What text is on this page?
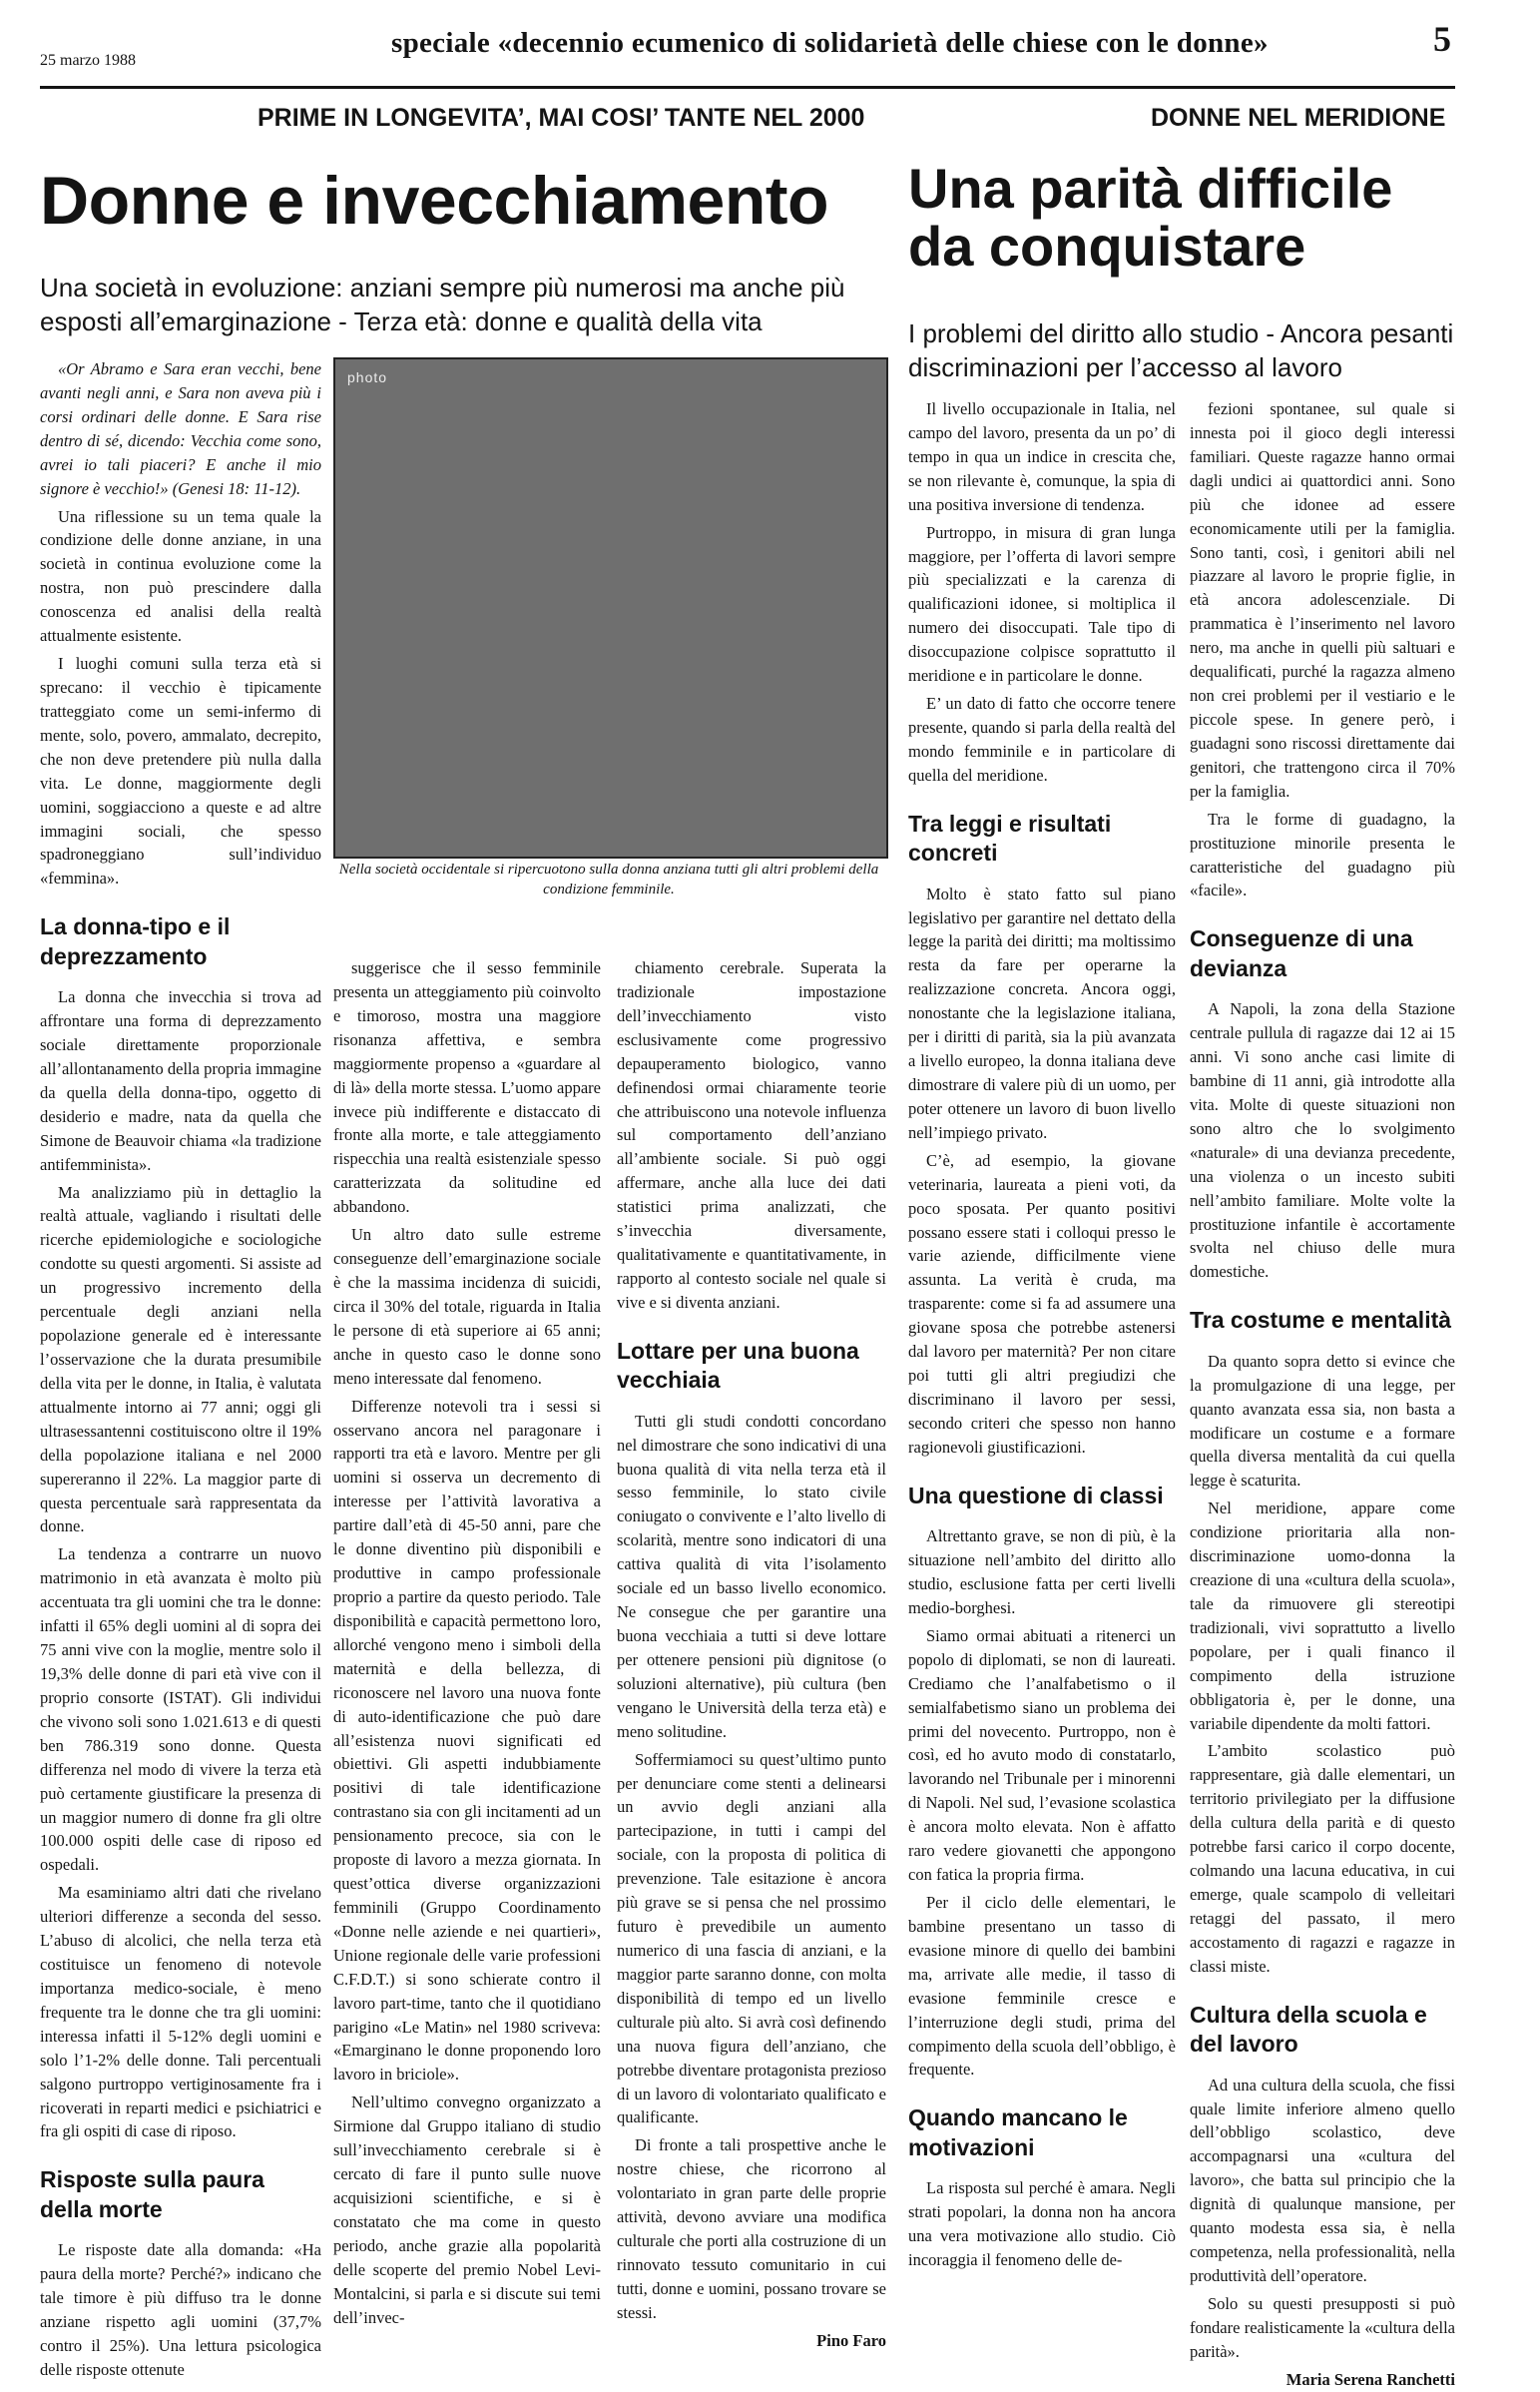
25 marzo 1988
speciale «decennio ecumenico di solidarietà delle chiese con le donne»	5
PRIME IN LONGEVITA’, MAI COSI’ TANTE NEL 2000	DONNE NEL MERIDIONE
Donne e invecchiamento
Una società in evoluzione: anziani sempre più numerosi ma anche più esposti all’emarginazione - Terza età: donne e qualità della vita
Una parità difficile da conquistare
I problemi del diritto allo studio - Ancora pesanti discriminazioni per l’accesso al lavoro
photo
Nella società occidentale si ripercuotono sulla donna anziana tutti gli altri problemi della condizione femminile.

«Or Abramo e Sara eran vecchi, bene avanti negli anni, e Sara non aveva più i corsi ordinari delle donne. E Sara rise dentro di sé, dicendo: Vecchia come sono, avrei io tali piaceri? E anche il mio signore è vecchio!» (Genesi 18: 11-12).

Una riflessione su un tema quale la condizione delle donne anziane, in una società in continua evoluzione come la nostra, non può prescindere dalla conoscenza ed analisi della realtà attualmente esistente.

I luoghi comuni sulla terza età si sprecano: il vecchio è tipicamente tratteggiato come un semi-infermo di mente, solo, povero, ammalato, decrepito, che non deve pretendere più nulla dalla vita. Le donne, maggiormente degli uomini, soggiacciono a queste e ad altre immagini sociali, che spesso spadroneggiano sull’individuo «femmina».

La donna-tipo e il deprezzamento

La donna che invecchia si trova ad affrontare una forma di deprezzamento sociale direttamente proporzionale all’allontanamento della propria immagine da quella della donna-tipo, oggetto di desiderio e madre, nata da quella che Simone de Beauvoir chiama «la tradizione antifemminista».

Ma analizziamo più in dettaglio la realtà attuale, vagliando i risultati delle ricerche epidemiologiche e sociologiche condotte su questi argomenti. Si assiste ad un progressivo incremento della percentuale degli anziani nella popolazione generale ed è interessante l’osservazione che la durata presumibile della vita per le donne, in Italia, è valutata attualmente intorno ai 77 anni; oggi gli ultrasessantenni costituiscono oltre il 19% della popolazione italiana e nel 2000 supereranno il 22%. La maggior parte di questa percentuale sarà rappresentata da donne.

La tendenza a contrarre un nuovo matrimonio in età avanzata è molto più accentuata tra gli uomini che tra le donne: infatti il 65% degli uomini al di sopra dei 75 anni vive con la moglie, mentre solo il 19,3% delle donne di pari età vive con il proprio consorte (ISTAT). Gli individui che vivono soli sono 1.021.613 e di questi ben 786.319 sono donne. Questa differenza nel modo di vivere la terza età può certamente giustificare la presenza di un maggior numero di donne fra gli oltre 100.000 ospiti delle case di riposo ed ospedali.

Ma esaminiamo altri dati che rivelano ulteriori differenze a seconda del sesso. L’abuso di alcolici, che nella terza età costituisce un fenomeno di notevole importanza medico-sociale, è meno frequente tra le donne che tra gli uomini: interessa infatti il 5-12% degli uomini e solo l’1-2% delle donne. Tali percentuali salgono purtroppo vertiginosamente fra i ricoverati in reparti medici e psichiatrici e fra gli ospiti di case di riposo.

Risposte sulla paura della morte

Le risposte date alla domanda: «Ha paura della morte? Perché?» indicano che tale timore è più diffuso tra le donne anziane rispetto agli uomini (37,7% contro il 25%). Una lettura psicologica delle risposte ottenute

suggerisce che il sesso femminile presenta un atteggiamento più coinvolto e timoroso, mostra una maggiore risonanza affettiva, e sembra maggiormente propenso a «guardare al di là» della morte stessa. L’uomo appare invece più indifferente e distaccato di fronte alla morte, e tale atteggiamento rispecchia una realtà esistenziale spesso caratterizzata da solitudine ed abbandono.

Un altro dato sulle estreme conseguenze dell’emarginazione sociale è che la massima incidenza di suicidi, circa il 30% del totale, riguarda in Italia le persone di età superiore ai 65 anni; anche in questo caso le donne sono meno interessate dal fenomeno.

Differenze notevoli tra i sessi si osservano ancora nel paragonare i rapporti tra età e lavoro. Mentre per gli uomini si osserva un decremento di interesse per l’attività lavorativa a partire dall’età di 45-50 anni, pare che le donne diventino più disponibili e produttive in campo professionale proprio a partire da questo periodo. Tale disponibilità e capacità permettono loro, allorché vengono meno i simboli della maternità e della bellezza, di riconoscere nel lavoro una nuova fonte di auto-identificazione che può dare all’esistenza nuovi significati ed obiettivi. Gli aspetti indubbiamente positivi di tale identificazione contrastano sia con gli incitamenti ad un pensionamento precoce, sia con le proposte di lavoro a mezza giornata. In quest’ottica diverse organizzazioni femminili (Gruppo Coordinamento «Donne nelle aziende e nei quartieri», Unione regionale delle varie professioni C.F.D.T.) si sono schierate contro il lavoro part-time, tanto che il quotidiano parigino «Le Matin» nel 1980 scriveva: «Emarginano le donne proponendo loro lavoro in briciole».

Nell’ultimo convegno organizzato a Sirmione dal Gruppo italiano di studio sull’invecchiamento cerebrale si è cercato di fare il punto sulle nuove acquisizioni scientifiche, e si è constatato che ma come in questo periodo, anche grazie alla popolarità delle scoperte del premio Nobel Levi-Montalcini, si parla e si discute sui temi dell’invec-

chiamento cerebrale. Superata la tradizionale impostazione dell’invecchiamento visto esclusivamente come progressivo depauperamento biologico, vanno definendosi ormai chiaramente teorie che attribuiscono una notevole influenza sul comportamento dell’anziano all’ambiente sociale. Si può oggi affermare, anche alla luce dei dati statistici prima analizzati, che s’invecchia diversamente, qualitativamente e quantitativamente, in rapporto al contesto sociale nel quale si vive e si diventa anziani.

Lottare per una buona vecchiaia

Tutti gli studi condotti concordano nel dimostrare che sono indicativi di una buona qualità di vita nella terza età il sesso femminile, lo stato civile coniugato o convivente e l’alto livello di scolarità, mentre sono indicatori di una cattiva qualità di vita l’isolamento sociale ed un basso livello economico. Ne consegue che per garantire una buona vecchiaia a tutti si deve lottare per ottenere pensioni più dignitose (o soluzioni alternative), più cultura (ben vengano le Università della terza età) e meno solitudine.

Soffermiamoci su quest’ultimo punto per denunciare come stenti a delinearsi un avvio degli anziani alla partecipazione, in tutti i campi del sociale, con la proposta di politica di prevenzione. Tale esitazione è ancora più grave se si pensa che nel prossimo futuro è prevedibile un aumento numerico di una fascia di anziani, e la maggior parte saranno donne, con molta disponibilità di tempo ed un livello culturale più alto. Si avrà così definendo una nuova figura dell’anziano, che potrebbe diventare protagonista prezioso di un lavoro di volontariato qualificato e qualificante.

Di fronte a tali prospettive anche le nostre chiese, che ricorrono al volontariato in gran parte delle proprie attività, devono avviare una modifica culturale che porti alla costruzione di un rinnovato tessuto comunitario in cui tutti, donne e uomini, possano trovare se stessi.

Pino Faro

Il livello occupazionale in Italia, nel campo del lavoro, presenta da un po’ di tempo in qua un indice in crescita che, se non rilevante è, comunque, la spia di una positiva inversione di tendenza.

Purtroppo, in misura di gran lunga maggiore, per l’offerta di lavori sempre più specializzati e la carenza di qualificazioni idonee, si moltiplica il numero dei disoccupati. Tale tipo di disoccupazione colpisce soprattutto il meridione e in particolare le donne.

E’ un dato di fatto che occorre tenere presente, quando si parla della realtà del mondo femminile e in particolare di quella del meridione.

Tra leggi e risultati concreti

Molto è stato fatto sul piano legislativo per garantire nel dettato della legge la parità dei diritti; ma moltissimo resta da fare per operarne la realizzazione concreta. Ancora oggi, nonostante che la legislazione italiana, per i diritti di parità, sia la più avanzata a livello europeo, la donna italiana deve dimostrare di valere più di un uomo, per poter ottenere un lavoro di buon livello nell’impiego privato.

C’è, ad esempio, la giovane veterinaria, laureata a pieni voti, da poco sposata. Per quanto positivi possano essere stati i colloqui presso le varie aziende, difficilmente viene assunta. La verità è cruda, ma trasparente: come si fa ad assumere una giovane sposa che potrebbe astenersi dal lavoro per maternità? Per non citare poi tutti gli altri pregiudizi che discriminano il lavoro per sessi, secondo criteri che spesso non hanno ragionevoli giustificazioni.

Una questione di classi

Altrettanto grave, se non di più, è la situazione nell’ambito del diritto allo studio, esclusione fatta per certi livelli medio-borghesi.

Siamo ormai abituati a ritenerci un popolo di diplomati, se non di laureati. Crediamo che l’analfabetismo o il semialfabetismo siano un problema dei primi del novecento. Purtroppo, non è così, ed ho avuto modo di constatarlo, lavorando nel Tribunale per i minorenni di Napoli. Nel sud, l’evasione scolastica è ancora molto elevata. Non è affatto raro vedere giovanetti che appongono con fatica la propria firma.

Per il ciclo delle elementari, le bambine presentano un tasso di evasione minore di quello dei bambini ma, arrivate alle medie, il tasso di evasione femminile cresce e l’interruzione degli studi, prima del compimento della scuola dell’obbligo, è frequente.

Quando mancano le motivazioni

La risposta sul perché è amara. Negli strati popolari, la donna non ha ancora una vera motivazione allo studio. Ciò incoraggia il fenomeno delle de-

fezioni spontanee, sul quale si innesta poi il gioco degli interessi familiari. Queste ragazze hanno ormai dagli undici ai quattordici anni. Sono più che idonee ad essere economicamente utili per la famiglia. Sono tanti, così, i genitori abili nel piazzare al lavoro le proprie figlie, in età ancora adolescenziale. Di prammatica è l’inserimento nel lavoro nero, ma anche in quelli più saltuari e dequalificati, purché la ragazza almeno non crei problemi per il vestiario e le piccole spese. In genere però, i guadagni sono riscossi direttamente dai genitori, che trattengono circa il 70% per la famiglia.

Tra le forme di guadagno, la prostituzione minorile presenta le caratteristiche del guadagno più «facile».

Conseguenze di una devianza

A Napoli, la zona della Stazione centrale pullula di ragazze dai 12 ai 15 anni. Vi sono anche casi limite di bambine di 11 anni, già introdotte alla vita. Molte di queste situazioni non sono altro che lo svolgimento «naturale» di una devianza precedente, una violenza o un incesto subiti nell’ambito familiare. Molte volte la prostituzione infantile è accortamente svolta nel chiuso delle mura domestiche.

Tra costume e mentalità

Da quanto sopra detto si evince che la promulgazione di una legge, per quanto avanzata essa sia, non basta a modificare un costume e a formare quella diversa mentalità da cui quella legge è scaturita.

Nel meridione, appare come condizione prioritaria alla non-discriminazione uomo-donna la creazione di una «cultura della scuola», tale da rimuovere gli stereotipi tradizionali, vivi soprattutto a livello popolare, per i quali financo il compimento della istruzione obbligatoria è, per le donne, una variabile dipendente da molti fattori.

L’ambito scolastico può rappresentare, già dalle elementari, un territorio privilegiato per la diffusione della cultura della parità e di questo potrebbe farsi carico il corpo docente, colmando una lacuna educativa, in cui emerge, quale scampolo di velleitari retaggi del passato, il mero accostamento di ragazzi e ragazze in classi miste.

Cultura della scuola e del lavoro

Ad una cultura della scuola, che fissi quale limite inferiore almeno quello dell’obbligo scolastico, deve accompagnarsi una «cultura del lavoro», che batta sul principio che la dignità di qualunque mansione, per quanto modesta essa sia, è nella competenza, nella professionalità, nella produttività dell’operatore.

Solo su questi presupposti si può fondare realisticamente la «cultura della parità».

Maria Serena Ranchetti
